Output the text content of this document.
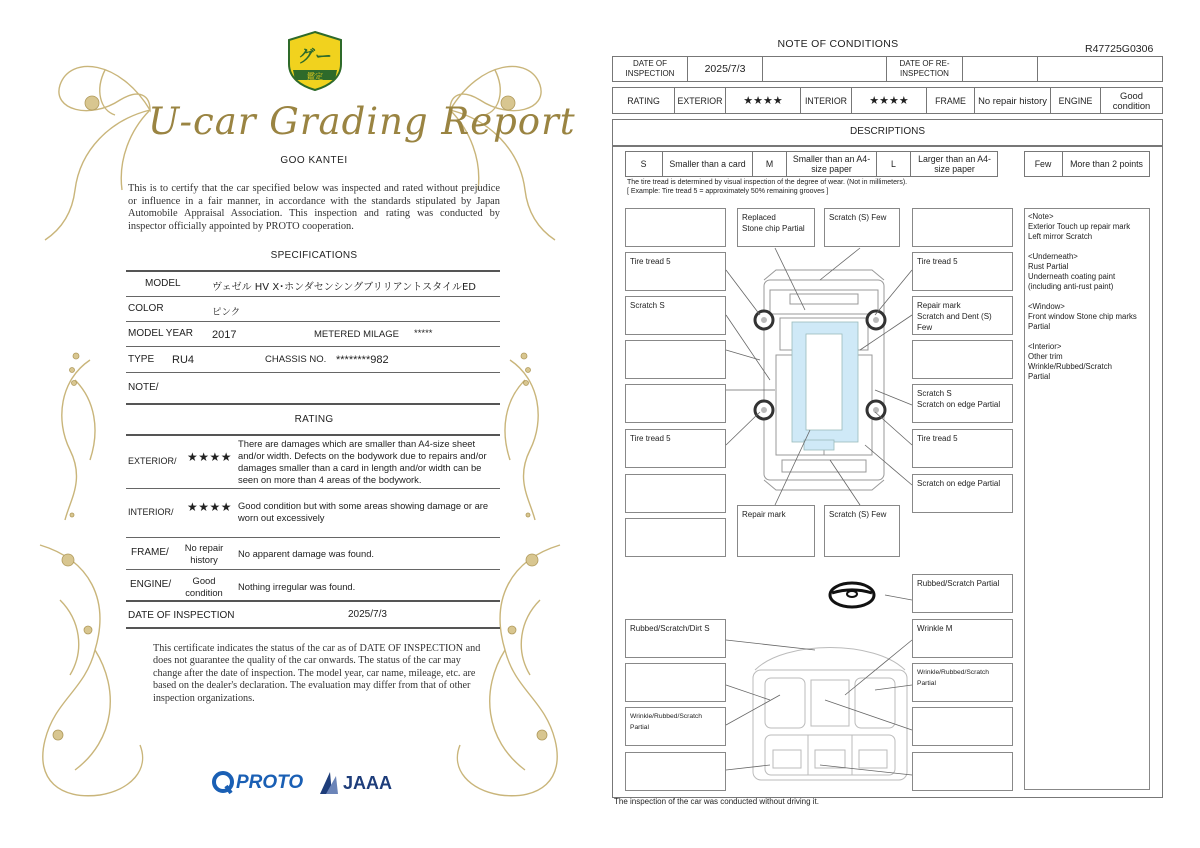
グー
鑑定
U-car Grading Report
GOO KANTEI
This is to certify that the car specified below was inspected and rated without prejudice or influence in a fair manner, in accordance with the standards stipulated by Japan Automobile Appraisal Association. This inspection and rating was conducted by inspector officially appointed by PROTO cooperation.
SPECIFICATIONS
MODEL	ヴェゼル HV X･ホンダセンシングブリリアントスタイルED
COLOR	ピンク
MODEL YEAR 2017	METERED MILAGE *****
TYPE RU4	CHASSIS NO. ********982
NOTE/
RATING
EXTERIOR/ ★★★★
There are damages which are smaller than A4-size sheet and/or width. Defects on the bodywork due to repairs and/or damages smaller than a card in length and/or width can be seen on more than 4 areas of the bodywork.
INTERIOR/ ★★★★ Good condition but with some areas showing damage or are worn out excessively
FRAME/	No repair history
No apparent damage was found.
ENGINE/	Good condition
Nothing irregular was found.
DATE OF INSPECTION	2025/7/3
This certificate indicates the status of the car as of DATE OF INSPECTION and does not guarantee the quality of the car onwards. The status of the car may change after the date of inspection. The model year, car name, mileage, etc. are based on the dealer's declaration. The evaluation may differ from that of other inspection organizations.
PROTO JAAA
NOTE OF CONDITIONS	R47725G0306
DATE OF INSPECTION	2025/7/3	DATE OF RE-INSPECTION
RATING	EXTERIOR	★★★★	INTERIOR	★★★★	FRAME	No repair history	ENGINE	Good condition
DESCRIPTIONS
S	Smaller than a card	M	Smaller than an A4-size paper	L	Larger than an A4-size paper	Few	More than 2 points
The tire tread is determined by visual inspection of the degree of wear. (Not in millimeters).
[ Example: Tire tread 5 = approximately 50% remaining grooves ]
Replaced
Stone chip Partial
Scratch (S) Few
Tire tread 5	Tire tread 5
Scratch S	Repair mark
Scratch and Dent (S) Few
Scratch S
Scratch on edge Partial
Tire tread 5	Tire tread 5
Scratch on edge Partial
Repair mark	Scratch (S) Few
Rubbed/Scratch Partial
Rubbed/Scratch/Dirt S	Wrinkle M
Wrinkle/Rubbed/Scratch Partial
Wrinkle/Rubbed/Scratch Partial
<Note>
Exterior Touch up repair mark
Left mirror Scratch

<Underneath>
Rust Partial
Underneath coating paint
(including anti-rust paint)

<Window>
Front window Stone chip marks
Partial

<Interior>
Other trim
Wrinkle/Rubbed/Scratch
Partial
The inspection of the car was conducted without driving it.
